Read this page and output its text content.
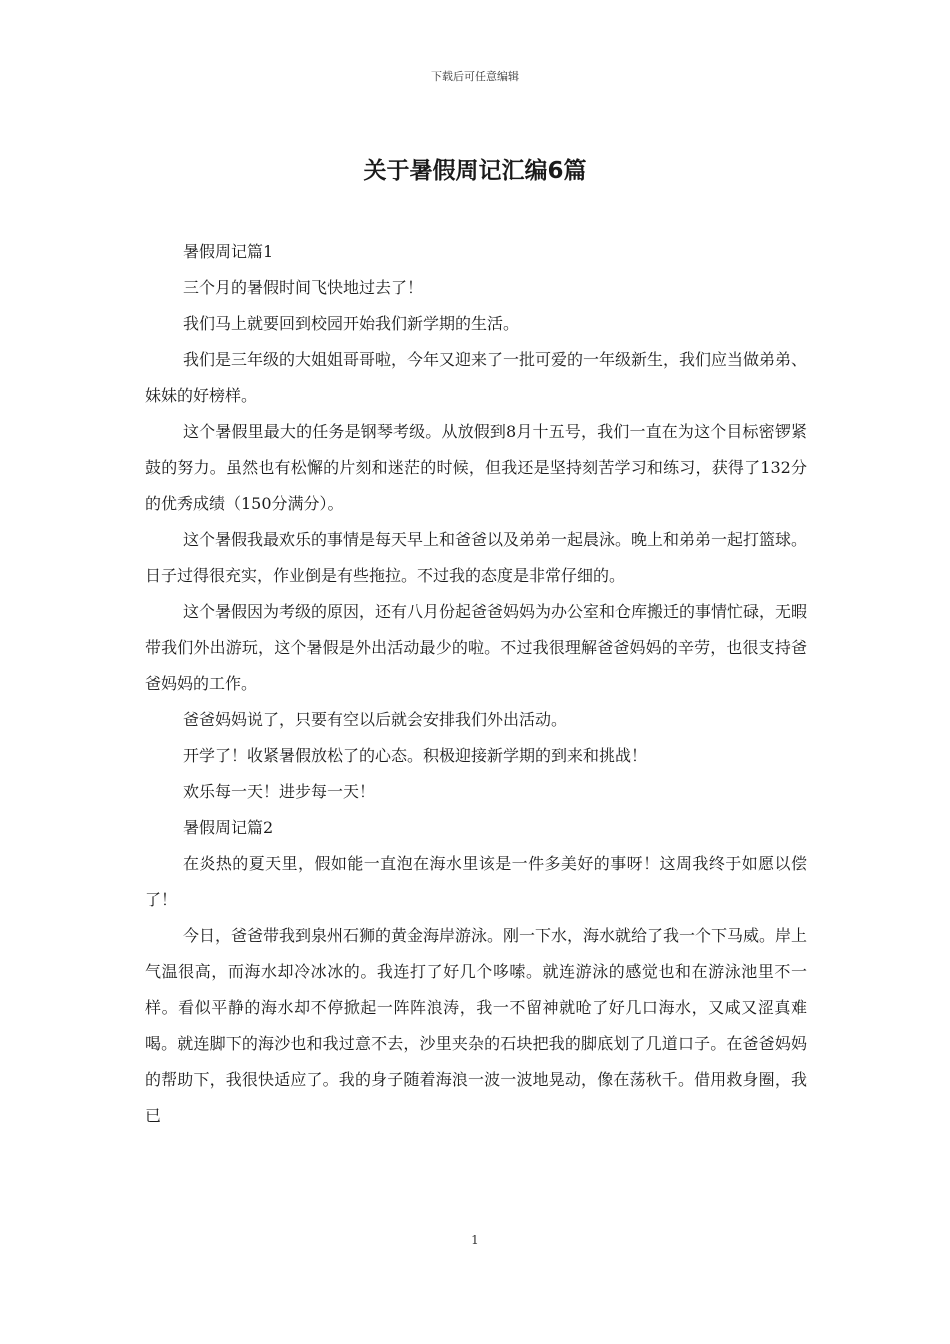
下载后可任意编辑
关于暑假周记汇编6篇

暑假周记篇1

三个月的暑假时间飞快地过去了！

我们马上就要回到校园开始我们新学期的生活。

我们是三年级的大姐姐哥哥啦，今年又迎来了一批可爱的一年级新生，我们应当做弟弟、妹妹的好榜样。

这个暑假里最大的任务是钢琴考级。从放假到8月十五号，我们一直在为这个目标密锣紧鼓的努力。虽然也有松懈的片刻和迷茫的时候，但我还是坚持刻苦学习和练习，获得了132分的优秀成绩（150分满分）。

这个暑假我最欢乐的事情是每天早上和爸爸以及弟弟一起晨泳。晚上和弟弟一起打篮球。日子过得很充实，作业倒是有些拖拉。不过我的态度是非常仔细的。

这个暑假因为考级的原因，还有八月份起爸爸妈妈为办公室和仓库搬迁的事情忙碌，无暇带我们外出游玩，这个暑假是外出活动最少的啦。不过我很理解爸爸妈妈的辛劳，也很支持爸爸妈妈的工作。

爸爸妈妈说了，只要有空以后就会安排我们外出活动。

开学了！收紧暑假放松了的心态。积极迎接新学期的到来和挑战！

欢乐每一天！进步每一天！

暑假周记篇2

在炎热的夏天里，假如能一直泡在海水里该是一件多美好的事呀！这周我终于如愿以偿了！

今日，爸爸带我到泉州石狮的黄金海岸游泳。刚一下水，海水就给了我一个下马威。岸上气温很高，而海水却冷冰冰的。我连打了好几个哆嗦。就连游泳的感觉也和在游泳池里不一样。看似平静的海水却不停掀起一阵阵浪涛，我一不留神就呛了好几口海水，又咸又涩真难喝。就连脚下的海沙也和我过意不去，沙里夹杂的石块把我的脚底划了几道口子。在爸爸妈妈的帮助下，我很快适应了。我的身子随着海浪一波一波地晃动，像在荡秋千。借用救身圈，我已

1
